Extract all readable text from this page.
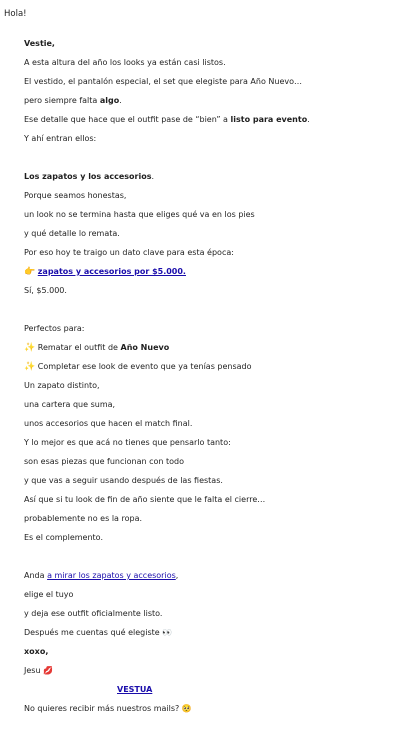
Hola!
Vestie,
A esta altura del año los looks ya están casi listos.
El vestido, el pantalón especial, el set que elegiste para Año Nuevo…
pero siempre falta algo.
Ese detalle que hace que el outfit pase de “bien” a listo para evento.
Y ahí entran ellos:
Los zapatos y los accesorios.
Porque seamos honestas,
un look no se termina hasta que eliges qué va en los pies
y qué detalle lo remata.
Por eso hoy te traigo un dato clave para esta época:
👉 zapatos y accesorios por $5.000.
Sí, $5.000.
Perfectos para:
✨ Rematar el outfit de Año Nuevo
✨ Completar ese look de evento que ya tenías pensado
Un zapato distinto,
una cartera que suma,
unos accesorios que hacen el match final.
Y lo mejor es que acá no tienes que pensarlo tanto:
son esas piezas que funcionan con todo
y que vas a seguir usando después de las fiestas.
Así que si tu look de fin de año siente que le falta el cierre…
probablemente no es la ropa.
Es el complemento.
Anda a mirar los zapatos y accesorios,
elige el tuyo
y deja ese outfit oficialmente listo.
Después me cuentas qué elegiste 👀
xoxo,
Jesu 💋
VESTUA
No quieres recibir más nuestros mails? 🥺
